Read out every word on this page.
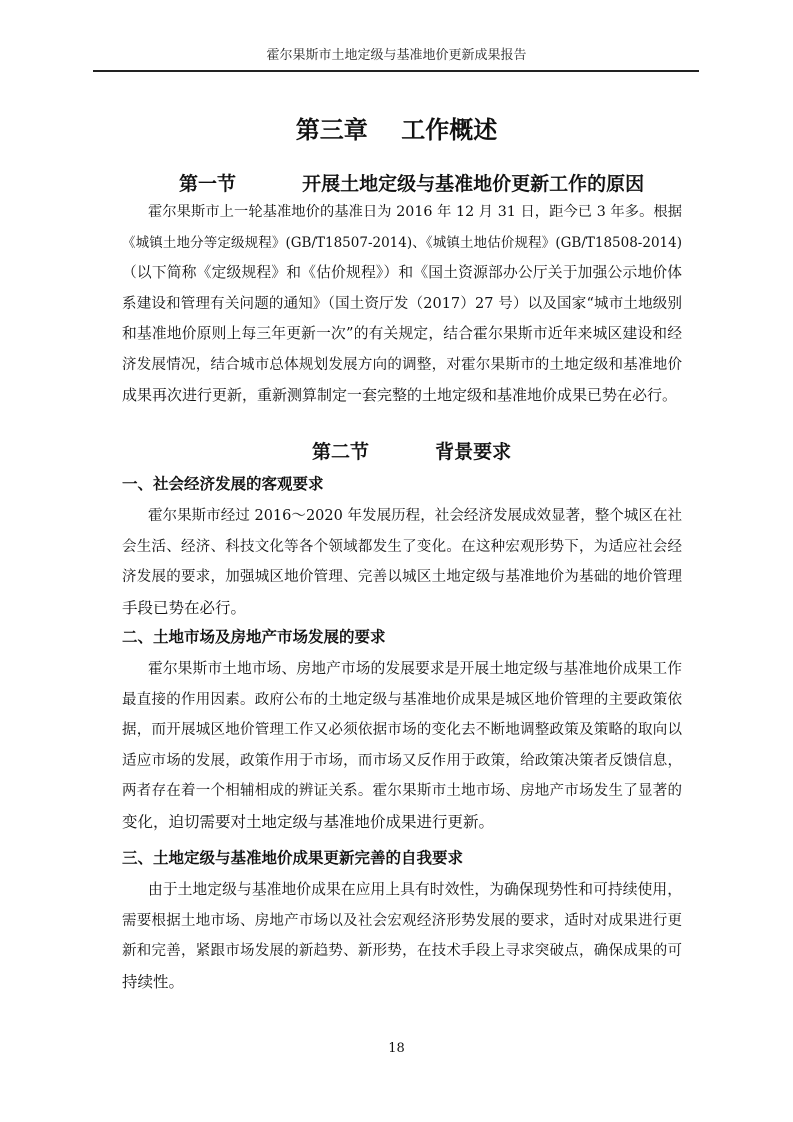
霍尔果斯市土地定级与基准地价更新成果报告
第三章    工作概述
第一节          开展土地定级与基准地价更新工作的原因
霍尔果斯市上一轮基准地价的基准日为 2016 年 12 月 31 日，距今已 3 年多。根据
《城镇土地分等定级规程》(GB/T18507-2014)、《城镇土地估价规程》(GB/T18508-2014)
（以下简称《定级规程》和《估价规程》）和《国土资源部办公厅关于加强公示地价体
系建设和管理有关问题的通知》（国土资厅发（2017）27 号）以及国家“城市土地级别
和基准地价原则上每三年更新一次”的有关规定，结合霍尔果斯市近年来城区建设和经
济发展情况，结合城市总体规划发展方向的调整，对霍尔果斯市的土地定级和基准地价
成果再次进行更新，重新测算制定一套完整的土地定级和基准地价成果已势在必行。
第二节          背景要求
一、社会经济发展的客观要求
霍尔果斯市经过 2016～2020 年发展历程，社会经济发展成效显著，整个城区在社
会生活、经济、科技文化等各个领域都发生了变化。在这种宏观形势下，为适应社会经
济发展的要求，加强城区地价管理、完善以城区土地定级与基准地价为基础的地价管理
手段已势在必行。
二、土地市场及房地产市场发展的要求
霍尔果斯市土地市场、房地产市场的发展要求是开展土地定级与基准地价成果工作
最直接的作用因素。政府公布的土地定级与基准地价成果是城区地价管理的主要政策依
据，而开展城区地价管理工作又必须依据市场的变化去不断地调整政策及策略的取向以
适应市场的发展，政策作用于市场，而市场又反作用于政策，给政策决策者反馈信息，
两者存在着一个相辅相成的辨证关系。霍尔果斯市土地市场、房地产市场发生了显著的
变化，迫切需要对土地定级与基准地价成果进行更新。
三、土地定级与基准地价成果更新完善的自我要求
由于土地定级与基准地价成果在应用上具有时效性，为确保现势性和可持续使用，
需要根据土地市场、房地产市场以及社会宏观经济形势发展的要求，适时对成果进行更
新和完善，紧跟市场发展的新趋势、新形势，在技术手段上寻求突破点，确保成果的可
持续性。
18
